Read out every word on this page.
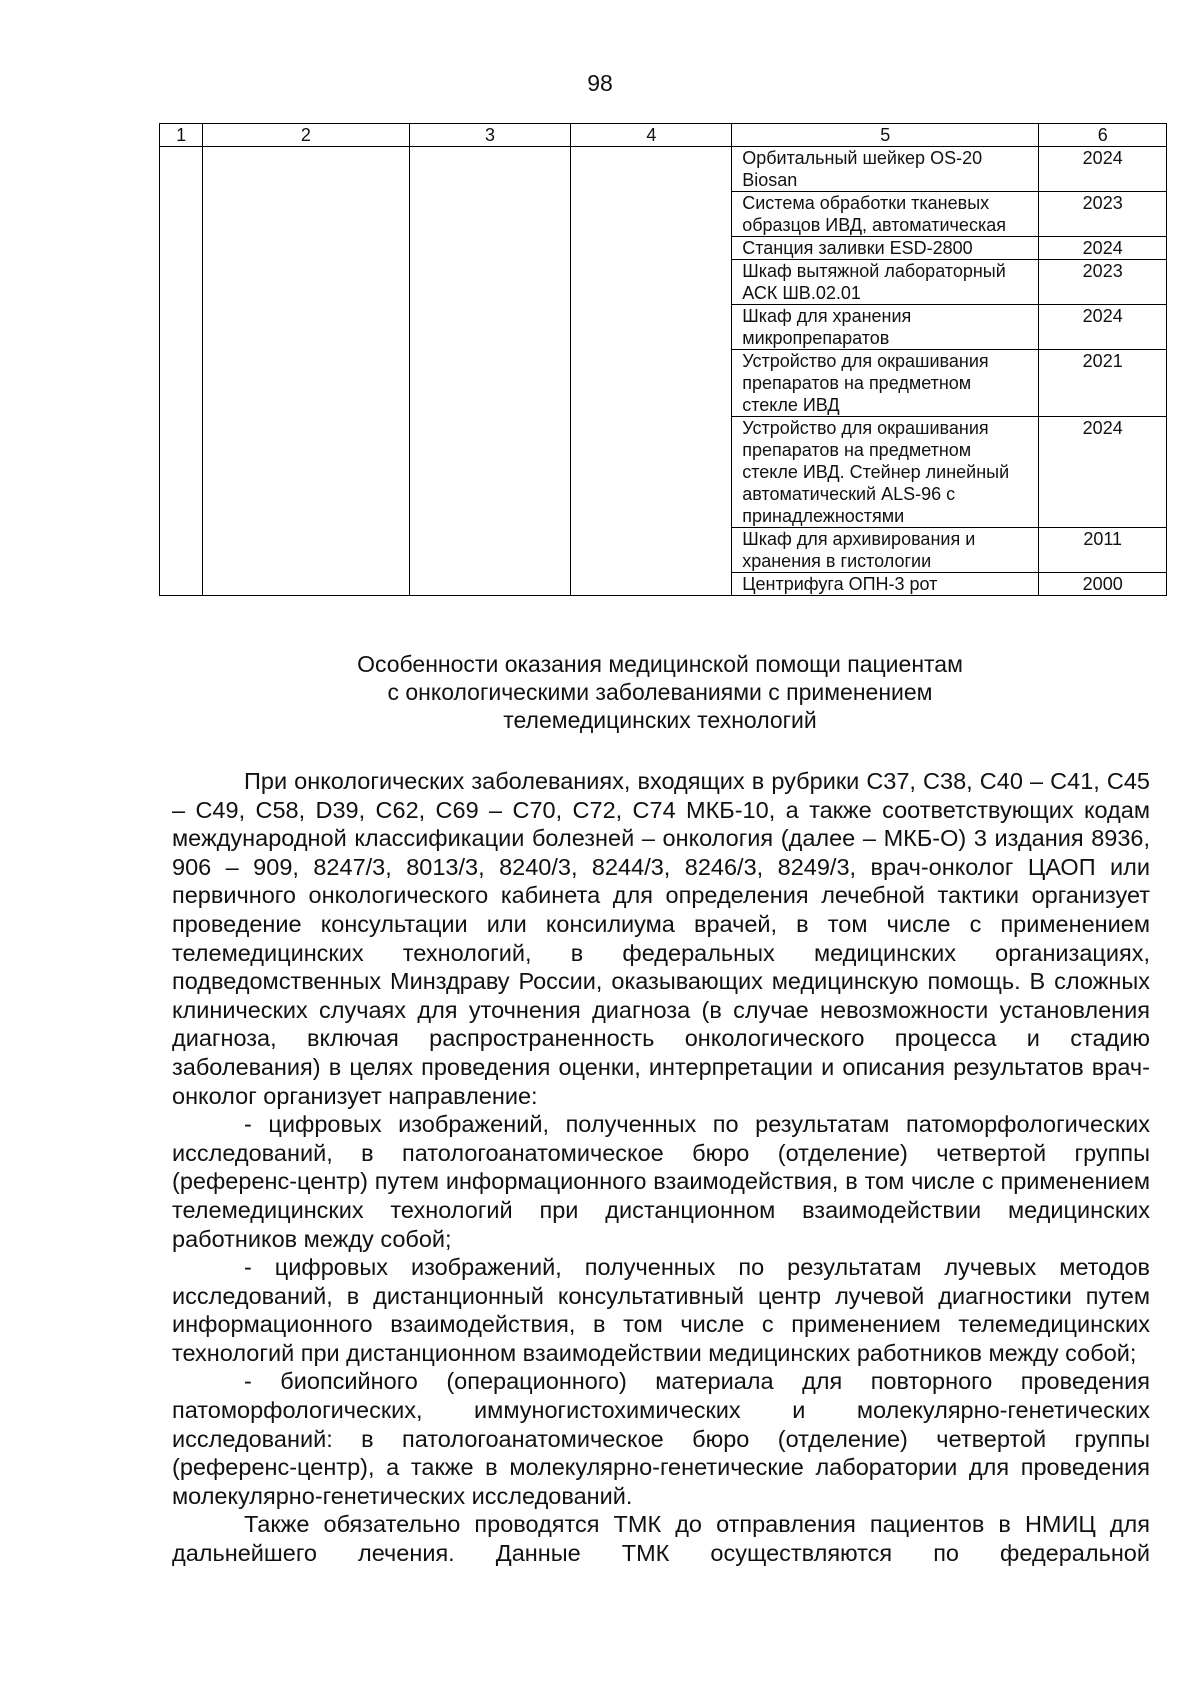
98
1	2	3	4	5	6
				Орбитальный шейкер OS-20 Biosan	2024
				Система обработки тканевых образцов ИВД, автоматическая	2023
				Станция заливки ESD-2800	2024
				Шкаф вытяжной лабораторный АСК ШВ.02.01	2023
				Шкаф для хранения микропрепаратов	2024
				Устройство для окрашивания препаратов на предметном стекле ИВД	2021
				Устройство для окрашивания препаратов на предметном стекле ИВД. Стейнер линейный автоматический ALS-96 с принадлежностями	2024
				Шкаф для архивирования и хранения в гистологии	2011
				Центрифуга ОПН-3 рот	2000
Особенности оказания медицинской помощи пациентам
с онкологическими заболеваниями с применением
телемедицинских технологий

При онкологических заболеваниях, входящих в рубрики С37, С38, С40 – С41, С45 – С49, С58, D39, С62, С69 – С70, С72, С74 МКБ-10, а также соответствующих кодам международной классификации болезней – онкология (далее – МКБ-О) 3 издания 8936, 906 – 909, 8247/3, 8013/3, 8240/3, 8244/3, 8246/3, 8249/3, врач-онколог ЦАОП или первичного онкологического кабинета для определения лечебной тактики организует проведение консультации или консилиума врачей, в том числе с применением телемедицинских технологий, в федеральных медицинских организациях, подведомственных Минздраву России, оказывающих медицинскую помощь. В сложных клинических случаях для уточнения диагноза (в случае невозможности установления диагноза, включая распространенность онкологического процесса и стадию заболевания) в целях проведения оценки, интерпретации и описания результатов врач-онколог организует направление:

- цифровых изображений, полученных по результатам патоморфологических исследований, в патологоанатомическое бюро (отделение) четвертой группы (референс-центр) путем информационного взаимодействия, в том числе с применением телемедицинских технологий при дистанционном взаимодействии медицинских работников между собой;

- цифровых изображений, полученных по результатам лучевых методов исследований, в дистанционный консультативный центр лучевой диагностики путем информационного взаимодействия, в том числе с применением телемедицинских технологий при дистанционном взаимодействии медицинских работников между собой;

- биопсийного (операционного) материала для повторного проведения патоморфологических, иммуногистохимических и молекулярно-генетических исследований: в патологоанатомическое бюро (отделение) четвертой группы (референс-центр), а также в молекулярно-генетические лаборатории для проведения молекулярно-генетических исследований.

Также обязательно проводятся ТМК до отправления пациентов в НМИЦ для дальнейшего лечения. Данные ТМК осуществляются по федеральной
